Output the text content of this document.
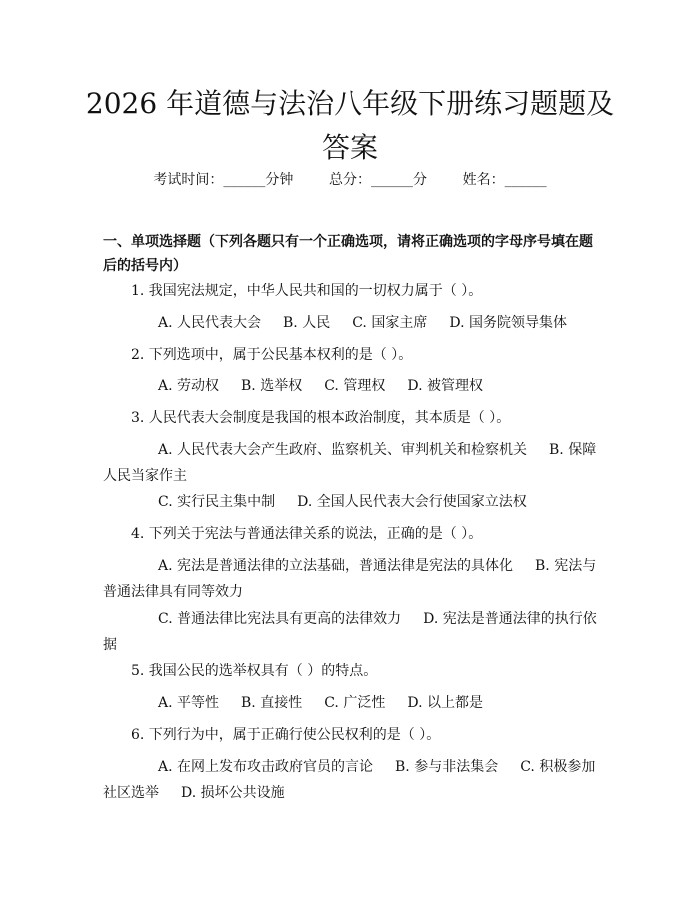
2026 年道德与法治八年级下册练习题题及答案
考试时间：______分钟	总分：______分	姓名：______
一、单项选择题（下列各题只有一个正确选项，请将正确选项的字母序号填在题后的括号内）
1. 我国宪法规定，中华人民共和国的一切权力属于（ ）。
A. 人民代表大会 B. 人民 C. 国家主席 D. 国务院领导集体
2. 下列选项中，属于公民基本权利的是（ ）。
A. 劳动权 B. 选举权 C. 管理权 D. 被管理权
3. 人民代表大会制度是我国的根本政治制度，其本质是（ ）。
A. 人民代表大会产生政府、监察机关、审判机关和检察机关 B. 保障人民当家作主
C. 实行民主集中制 D. 全国人民代表大会行使国家立法权
4. 下列关于宪法与普通法律关系的说法，正确的是（ ）。
A. 宪法是普通法律的立法基础，普通法律是宪法的具体化 B. 宪法与普通法律具有同等效力
C. 普通法律比宪法具有更高的法律效力 D. 宪法是普通法律的执行依据
5. 我国公民的选举权具有（ ）的特点。
A. 平等性 B. 直接性 C. 广泛性 D. 以上都是
6. 下列行为中，属于正确行使公民权利的是（ ）。
A. 在网上发布攻击政府官员的言论 B. 参与非法集会 C. 积极参加社区选举 D. 损坏公共设施
